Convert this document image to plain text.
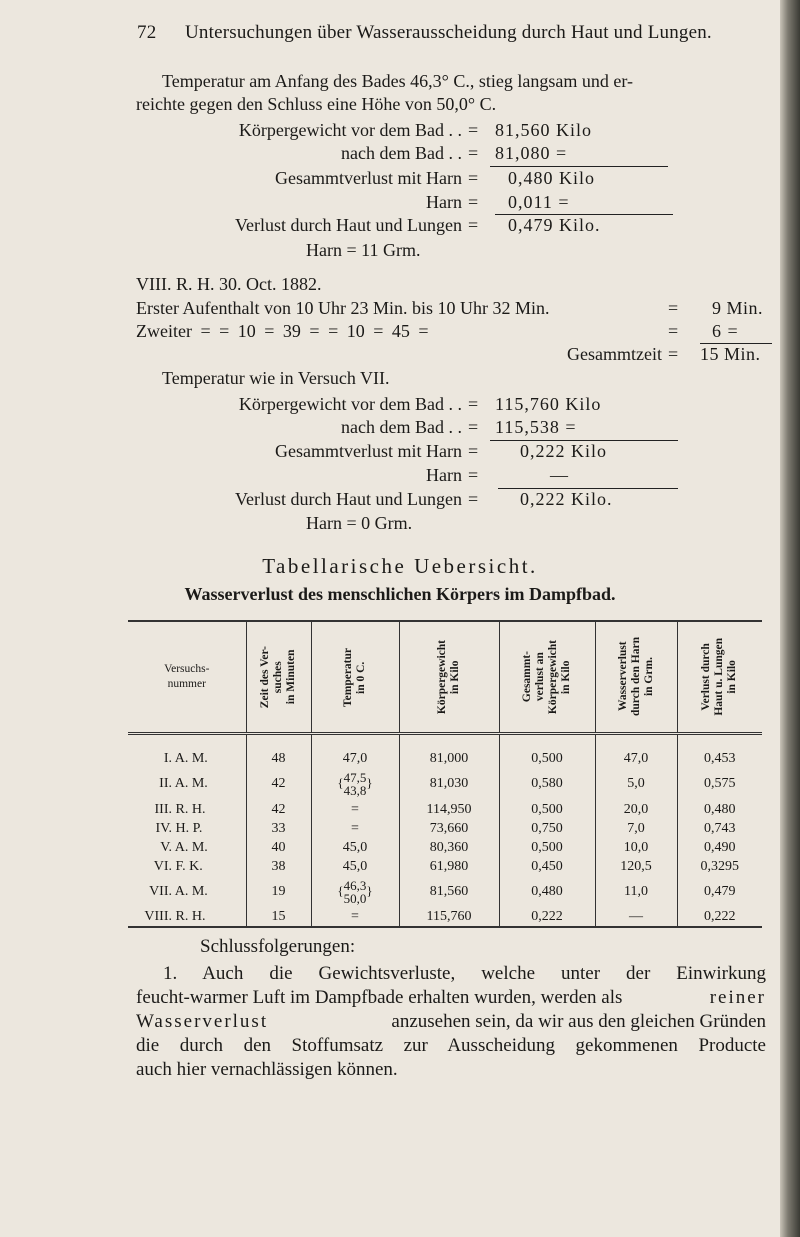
72 Untersuchungen über Wasserausscheidung durch Haut und Lungen.
Temperatur am Anfang des Bades 46,3° C., stieg langsam und er-
reichte gegen den Schluss eine Höhe von 50,0° C.
Körpergewicht vor dem Bad . . = 81,560 Kilo
nach dem Bad . . = 81,080 =
Gesammtverlust mit Harn = 0,480 Kilo
Harn = 0,011 =
Verlust durch Haut und Lungen = 0,479 Kilo.
Harn = 11 Grm.
VIII. R. H. 30. Oct. 1882.
Erster Aufenthalt von 10 Uhr 23 Min. bis 10 Uhr 32 Min.	= 9 Min.
Zweiter = = 10 = 39 = = 10 = 45 =	= 6 =
Gesammtzeit = 15 Min.
Temperatur wie in Versuch VII.
Körpergewicht vor dem Bad . . = 115,760 Kilo
nach dem Bad . . = 115,538 =
Gesammtverlust mit Harn = 0,222 Kilo
Harn =	—
Verlust durch Haut und Lungen = 0,222 Kilo.
Harn = 0 Grm.
Tabellarische Uebersicht.
Wasserverlust des menschlichen Körpers im Dampfbad.
Versuchs-
nummer	Zeit des Ver-
suches
in Minuten	Temperatur
in 0 C.	Körpergewicht
in Kilo	Gesammt-
verlust an
Körpergewicht
in Kilo	Wasserverlust
durch den Harn
in Grm.	Verlust durch
Haut u. Lungen
in Kilo

I. A. M.	48	47,0	81,000	0,500	47,0	0,453
II. A. M.	42	{47,5
43,8}	81,030	0,580	5,0	0,575
III. R. H.	42	=	114,950	0,500	20,0	0,480
IV. H. P.	33	=	73,660	0,750	7,0	0,743
V. A. M.	40	45,0	80,360	0,500	10,0	0,490
VI. F. K.	38	45,0	61,980	0,450	120,5	0,3295
VII. A. M.	19	{46,3
50,0}	81,560	0,480	11,0	0,479
VIII. R. H.	15	=	115,760	0,222	—	0,222
Schlussfolgerungen:
1. Auch die Gewichtsverluste, welche unter der Einwirkung
feucht-warmer Luft im Dampfbade erhalten wurden, werden als	reiner
Wasserverlust	anzusehen sein, da wir aus den gleichen Gründen
die durch den Stoffumsatz zur Ausscheidung gekommenen Producte
auch hier vernachlässigen können.
